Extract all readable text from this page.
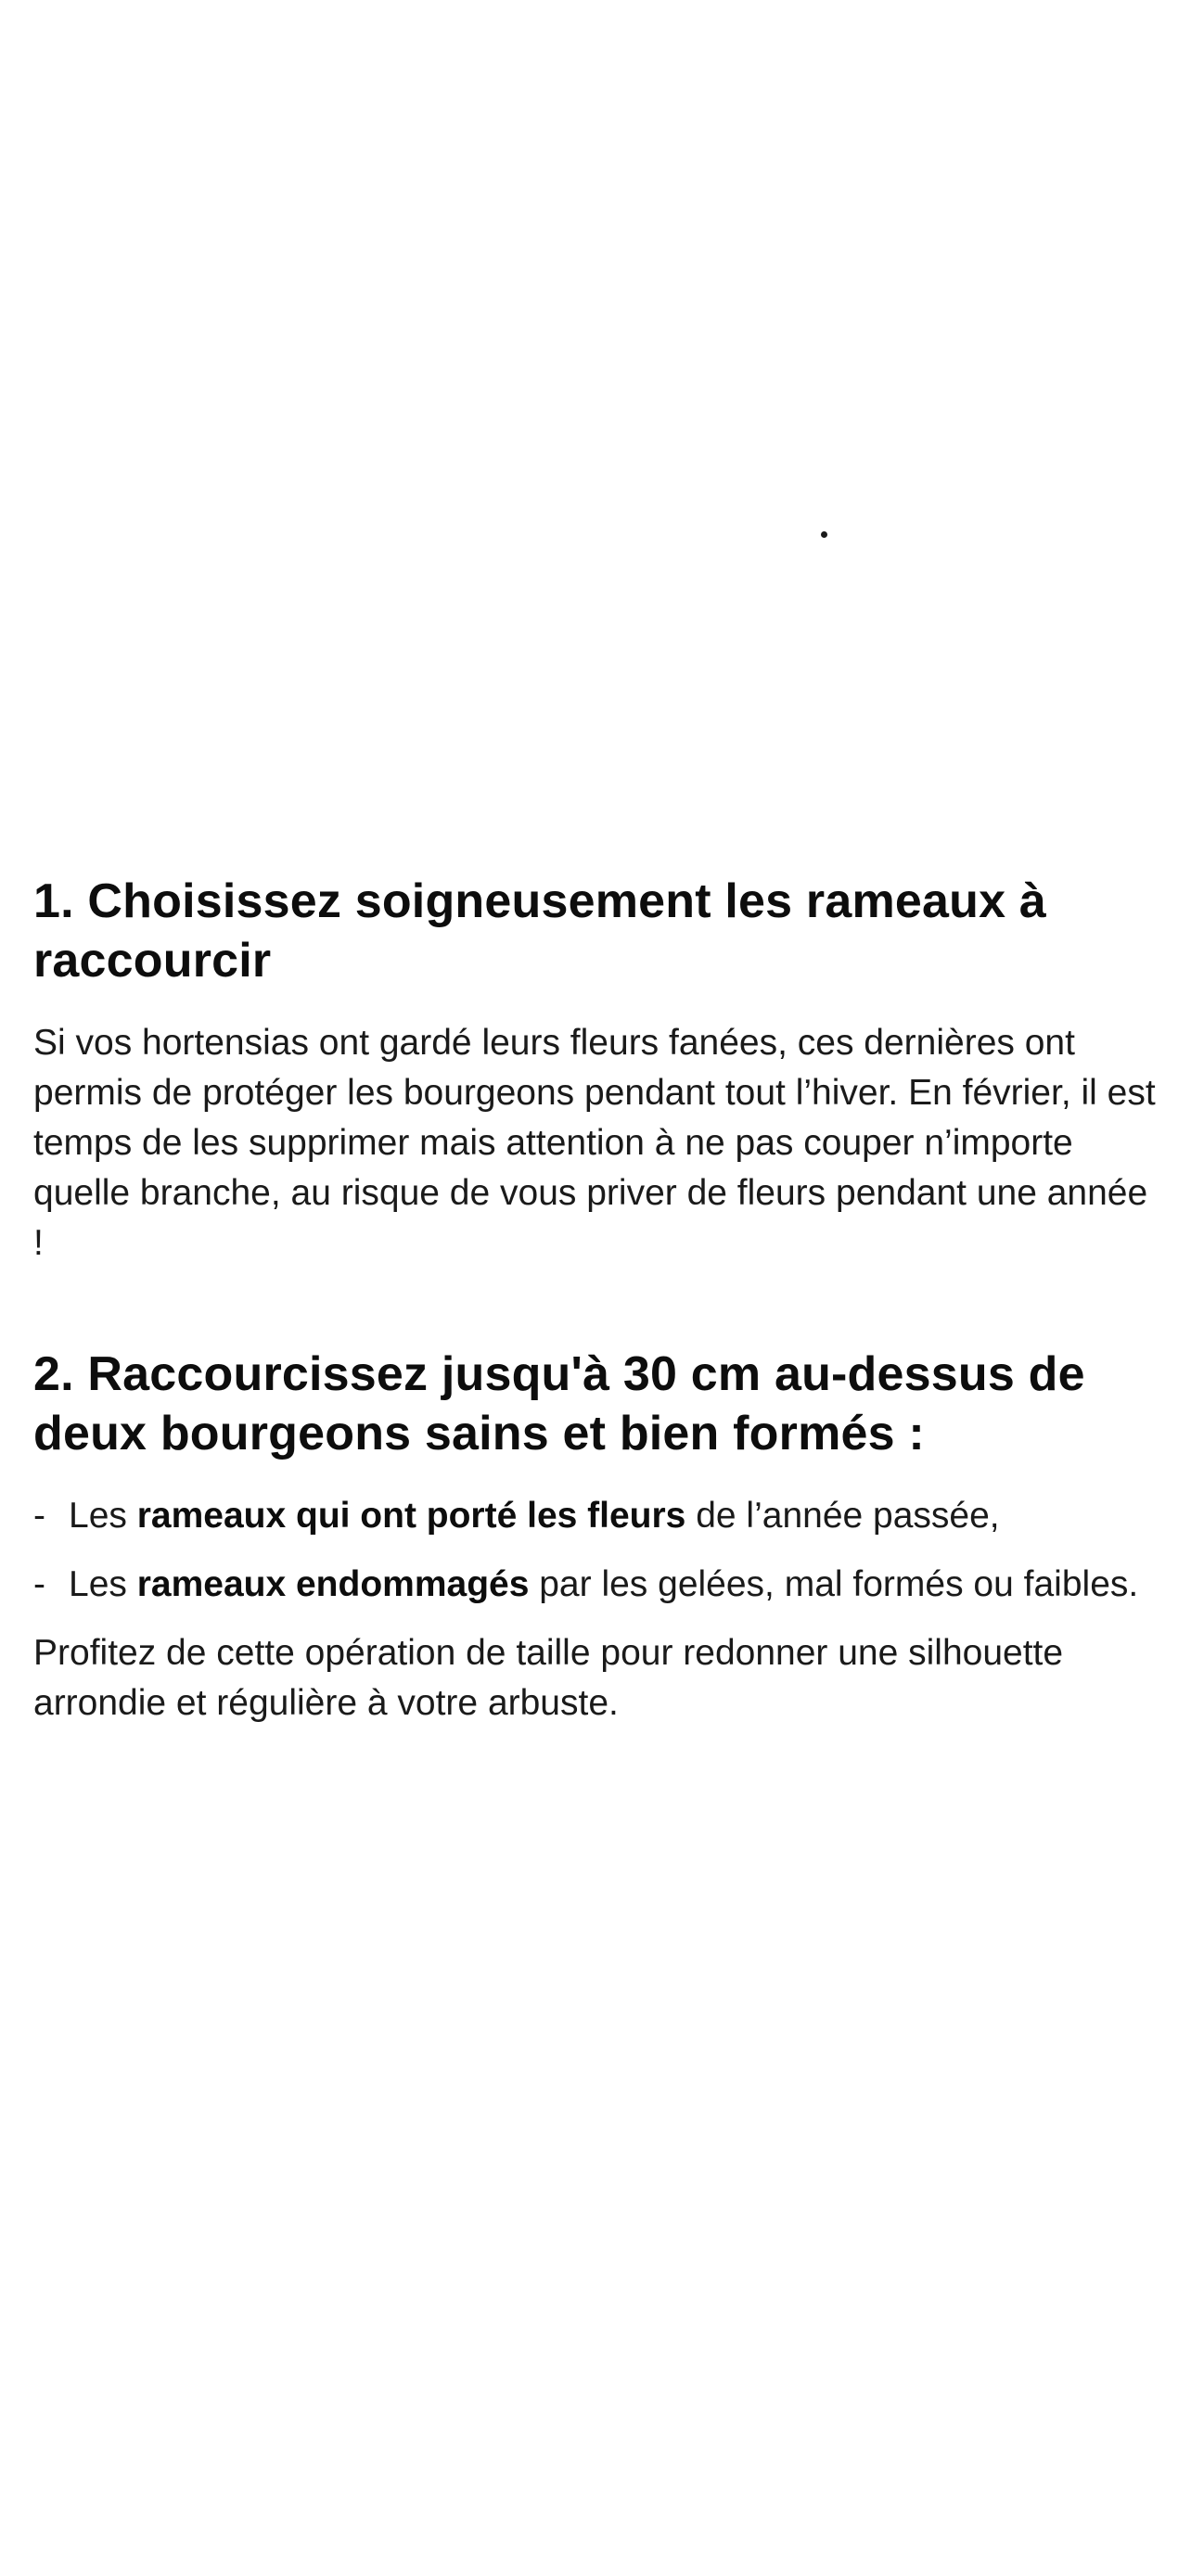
1. Choisissez soigneusement les rameaux à raccourcir

Si vos hortensias ont gardé leurs fleurs fanées, ces dernières ont permis de protéger les bourgeons pendant tout l’hiver. En février, il est temps de les supprimer mais attention à ne pas couper n’importe quelle branche, au risque de vous priver de fleurs pendant une année !

2. Raccourcissez jusqu'à 30 cm au-dessus de deux bourgeons sains et bien formés :

- Les rameaux qui ont porté les fleurs de l’année passée,

- Les rameaux endommagés par les gelées, mal formés ou faibles.

Profitez de cette opération de taille pour redonner une silhouette arrondie et régulière à votre arbuste.
